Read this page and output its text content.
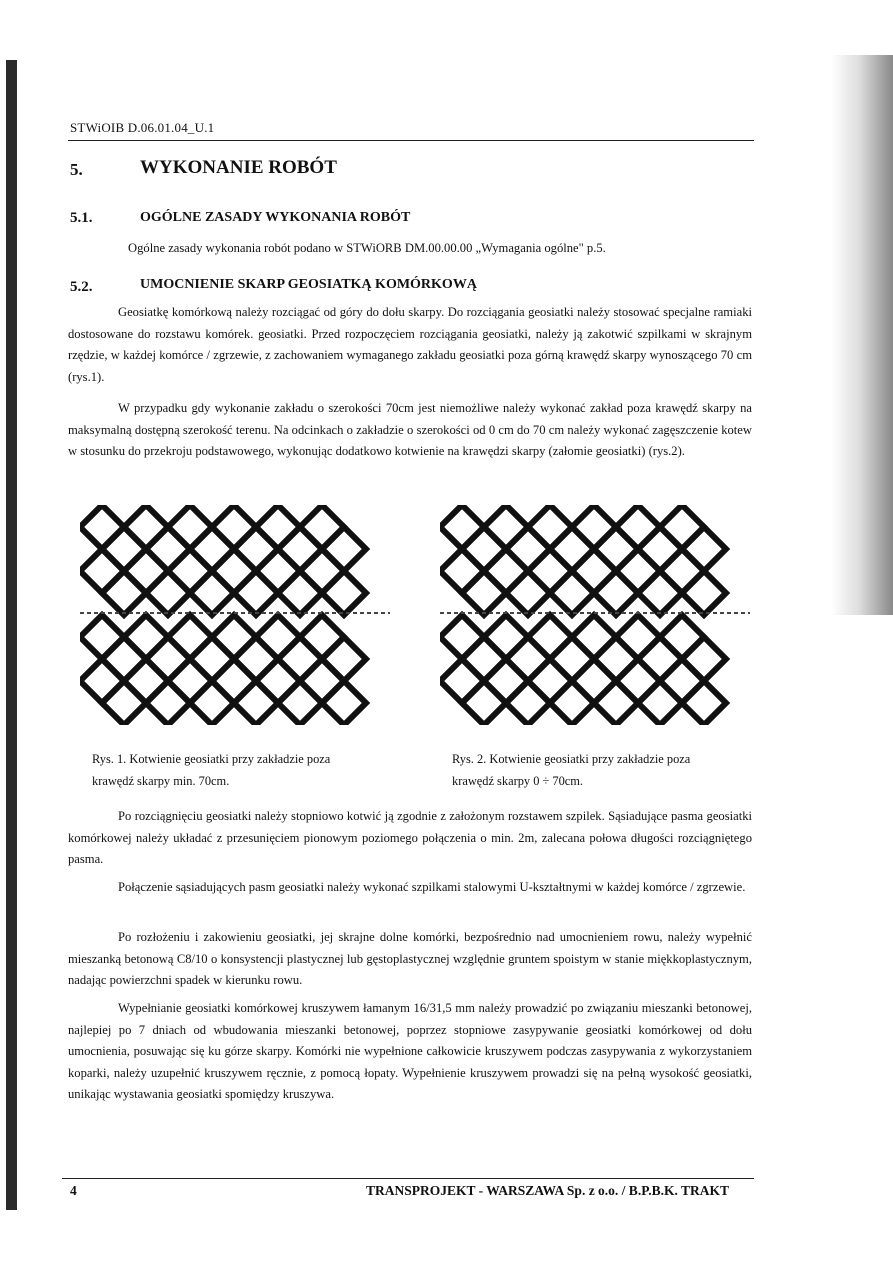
STWiOIB D.06.01.04_U.1
5.	WYKONANIE ROBÓT
5.1.	OGÓLNE ZASADY WYKONANIA ROBÓT
Ogólne zasady wykonania robót podano w STWiORB DM.00.00.00 „Wymagania ogólne" p.5.
5.2.	UMOCNIENIE SKARP GEOSIATKĄ KOMÓRKOWĄ
Geosiatkę komórkową należy rozciągać od góry do dołu skarpy. Do rozciągania geosiatki należy stosować specjalne ramiaki dostosowane do rozstawu komórek. geosiatki. Przed rozpoczęciem rozciągania geosiatki, należy ją zakotwić szpilkami w skrajnym rzędzie, w każdej komórce / zgrzewie, z zachowaniem wymaganego zakładu geosiatki poza górną krawędź skarpy wynoszącego 70 cm (rys.1).
W przypadku gdy wykonanie zakładu o szerokości 70cm jest niemożliwe należy wykonać zakład poza krawędź skarpy na maksymalną dostępną szerokość terenu. Na odcinkach o zakładzie o szerokości od 0 cm do 70 cm należy wykonać zagęszczenie kotew w stosunku do przekroju podstawowego, wykonując dodatkowo kotwienie na krawędzi skarpy (załomie geosiatki) (rys.2).
Rys. 1. Kotwienie geosiatki przy zakładzie poza
krawędź skarpy min. 70cm.
Rys. 2. Kotwienie geosiatki przy zakładzie poza
krawędź skarpy 0 ÷ 70cm.
Po rozciągnięciu geosiatki należy stopniowo kotwić ją zgodnie z założonym rozstawem szpilek. Sąsiadujące pasma geosiatki komórkowej należy układać z przesunięciem pionowym poziomego połączenia o min. 2m, zalecana połowa długości rozciągniętego pasma.
Połączenie sąsiadujących pasm geosiatki należy wykonać szpilkami stalowymi U-kształtnymi w każdej komórce / zgrzewie.
Po rozłożeniu i zakowieniu geosiatki, jej skrajne dolne komórki, bezpośrednio nad umocnieniem rowu, należy wypełnić mieszanką betonową C8/10 o konsystencji plastycznej lub gęstoplastycznej względnie gruntem spoistym w stanie miękkoplastycznym, nadając powierzchni spadek w kierunku rowu.
Wypełnianie geosiatki komórkowej kruszywem łamanym 16/31,5 mm należy prowadzić po związaniu mieszanki betonowej, najlepiej po 7 dniach od wbudowania mieszanki betonowej, poprzez stopniowe zasypywanie geosiatki komórkowej od dołu umocnienia, posuwając się ku górze skarpy. Komórki nie wypełnione całkowicie kruszywem podczas zasypywania z wykorzystaniem koparki, należy uzupełnić kruszywem ręcznie, z pomocą łopaty. Wypełnienie kruszywem prowadzi się na pełną wysokość geosiatki, unikając wystawania geosiatki spomiędzy kruszywa.
4	TRANSPROJEKT - WARSZAWA Sp. z o.o. / B.P.B.K. TRAKT
